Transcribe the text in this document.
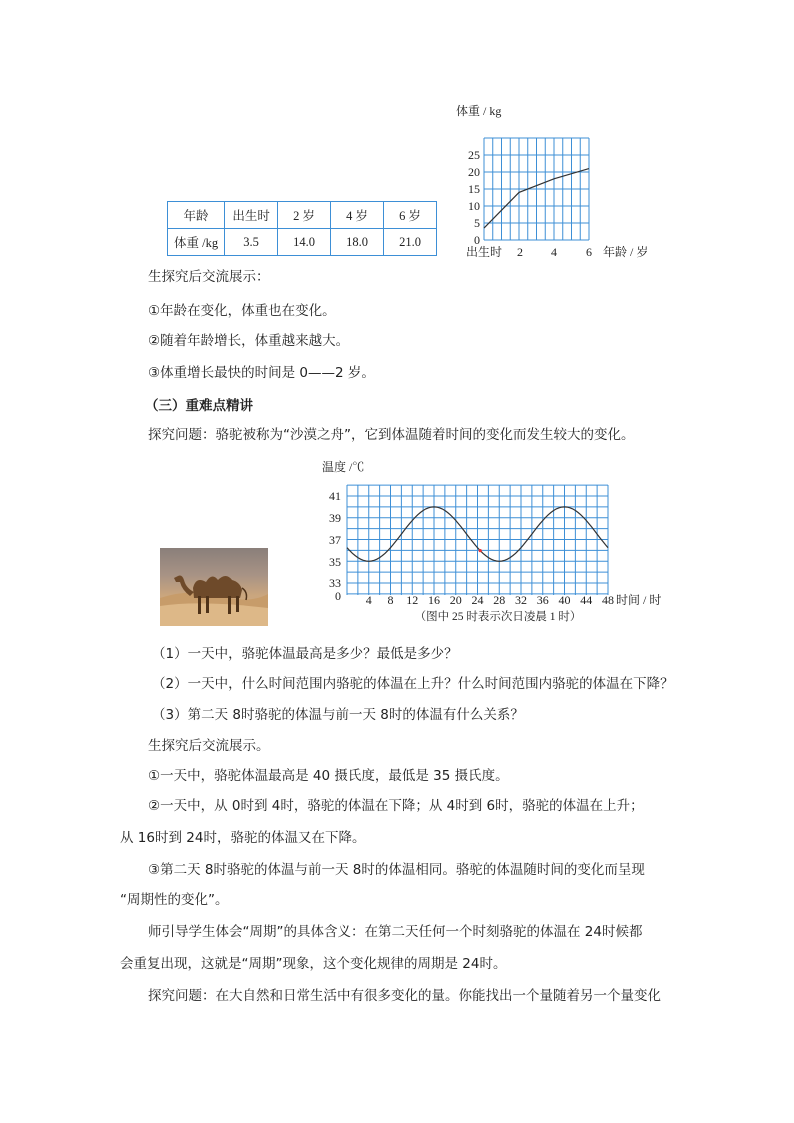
年龄	出生时	2 岁	4 岁	6 岁
体重 /kg	3.5	14.0	18.0	21.0
体重 / kg
年龄 / 岁
25
20
15
10
5
0
出生时 2 4 6
生探究后交流展示：
①年龄在变化，体重也在变化。
②随着年龄增长，体重越来越大。
③体重增长最快的时间是 0——2 岁。
（三）重难点精讲
探究问题：骆驼被称为“沙漠之舟”，它到体温随着时间的变化而发生较大的变化。
温度 /℃
时间 / 时
41
39
37
35
33
0 4 8 12 16 20 24 28 32 36 40 44 48
（图中 25 时表示次日凌晨 1 时）
（1）一天中，骆驼体温最高是多少？最低是多少？
（2）一天中，什么时间范围内骆驼的体温在上升？什么时间范围内骆驼的体温在下降？
（3）第二天 8时骆驼的体温与前一天 8时的体温有什么关系？
生探究后交流展示。
①一天中，骆驼体温最高是 40 摄氏度，最低是 35 摄氏度。
②一天中，从 0时到 4时，骆驼的体温在下降；从 4时到 6时，骆驼的体温在上升；
从 16时到 24时，骆驼的体温又在下降。
③第二天 8时骆驼的体温与前一天 8时的体温相同。骆驼的体温随时间的变化而呈现
“周期性的变化”。
师引导学生体会“周期”的具体含义：在第二天任何一个时刻骆驼的体温在 24时候都
会重复出现，这就是“周期”现象，这个变化规律的周期是 24时。
探究问题：在大自然和日常生活中有很多变化的量。你能找出一个量随着另一个量变化
